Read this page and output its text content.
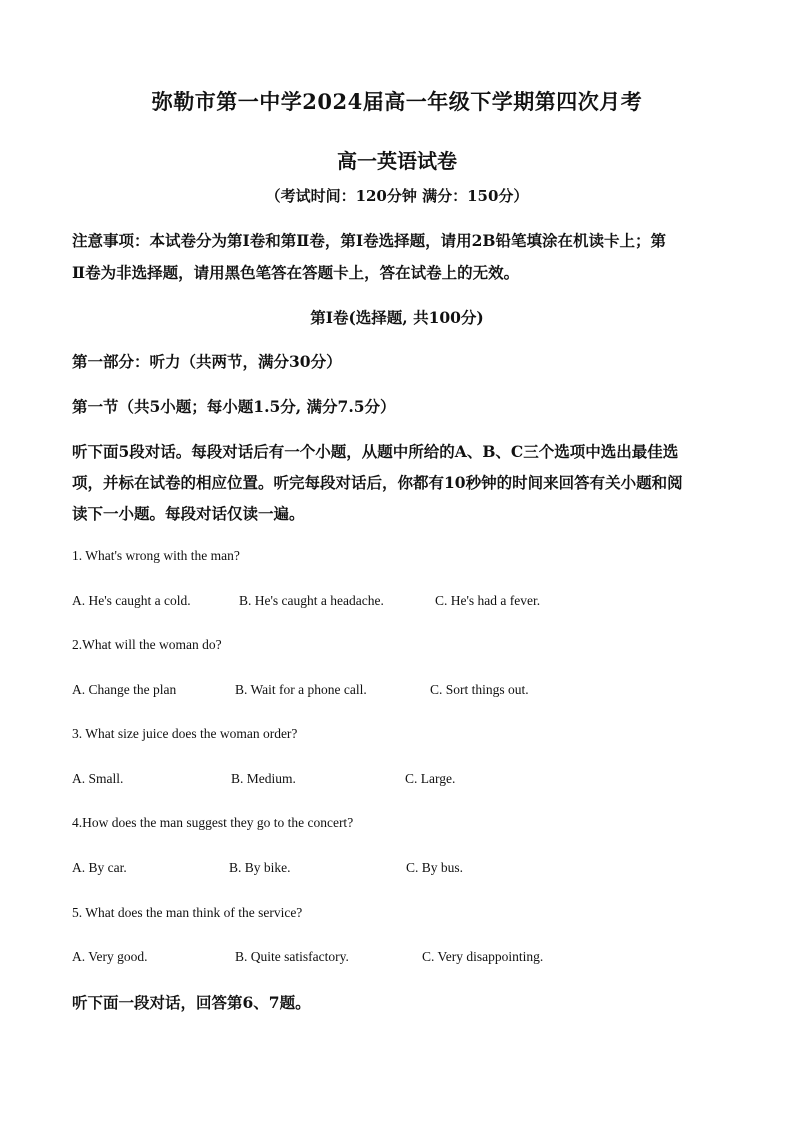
弥勒市第一中学2024届高一年级下学期第四次月考
高一英语试卷
（考试时间：120分钟 满分：150分）
注意事项：本试卷分为第Ⅰ卷和第Ⅱ卷，第Ⅰ卷选择题，请用2B铅笔填涂在机读卡上；第
Ⅱ卷为非选择题，请用黑色笔答在答题卡上，答在试卷上的无效。
第Ⅰ卷(选择题, 共100分)
第一部分：听力（共两节，满分30分）
第一节（共5小题；每小题1.5分, 满分7.5分）
听下面5段对话。每段对话后有一个小题，从题中所给的A、B、C三个选项中选出最佳选
项，并标在试卷的相应位置。听完每段对话后，你都有10秒钟的时间来回答有关小题和阅
读下一小题。每段对话仅读一遍。
1. What's wrong with the man?
A. He's caught a cold.	B. He's caught a headache.	C. He's had a fever.
2.What will the woman do?
A. Change the plan	B. Wait for a phone call.	C. Sort things out.
3. What size juice does the woman order?
A. Small.	B. Medium.	C. Large.
4.How does the man suggest they go to the concert?
A. By car.	B. By bike.	C. By bus.
5. What does the man think of the service?
A. Very good.	B. Quite satisfactory.	C. Very disappointing.
听下面一段对话，回答第6、7题。
